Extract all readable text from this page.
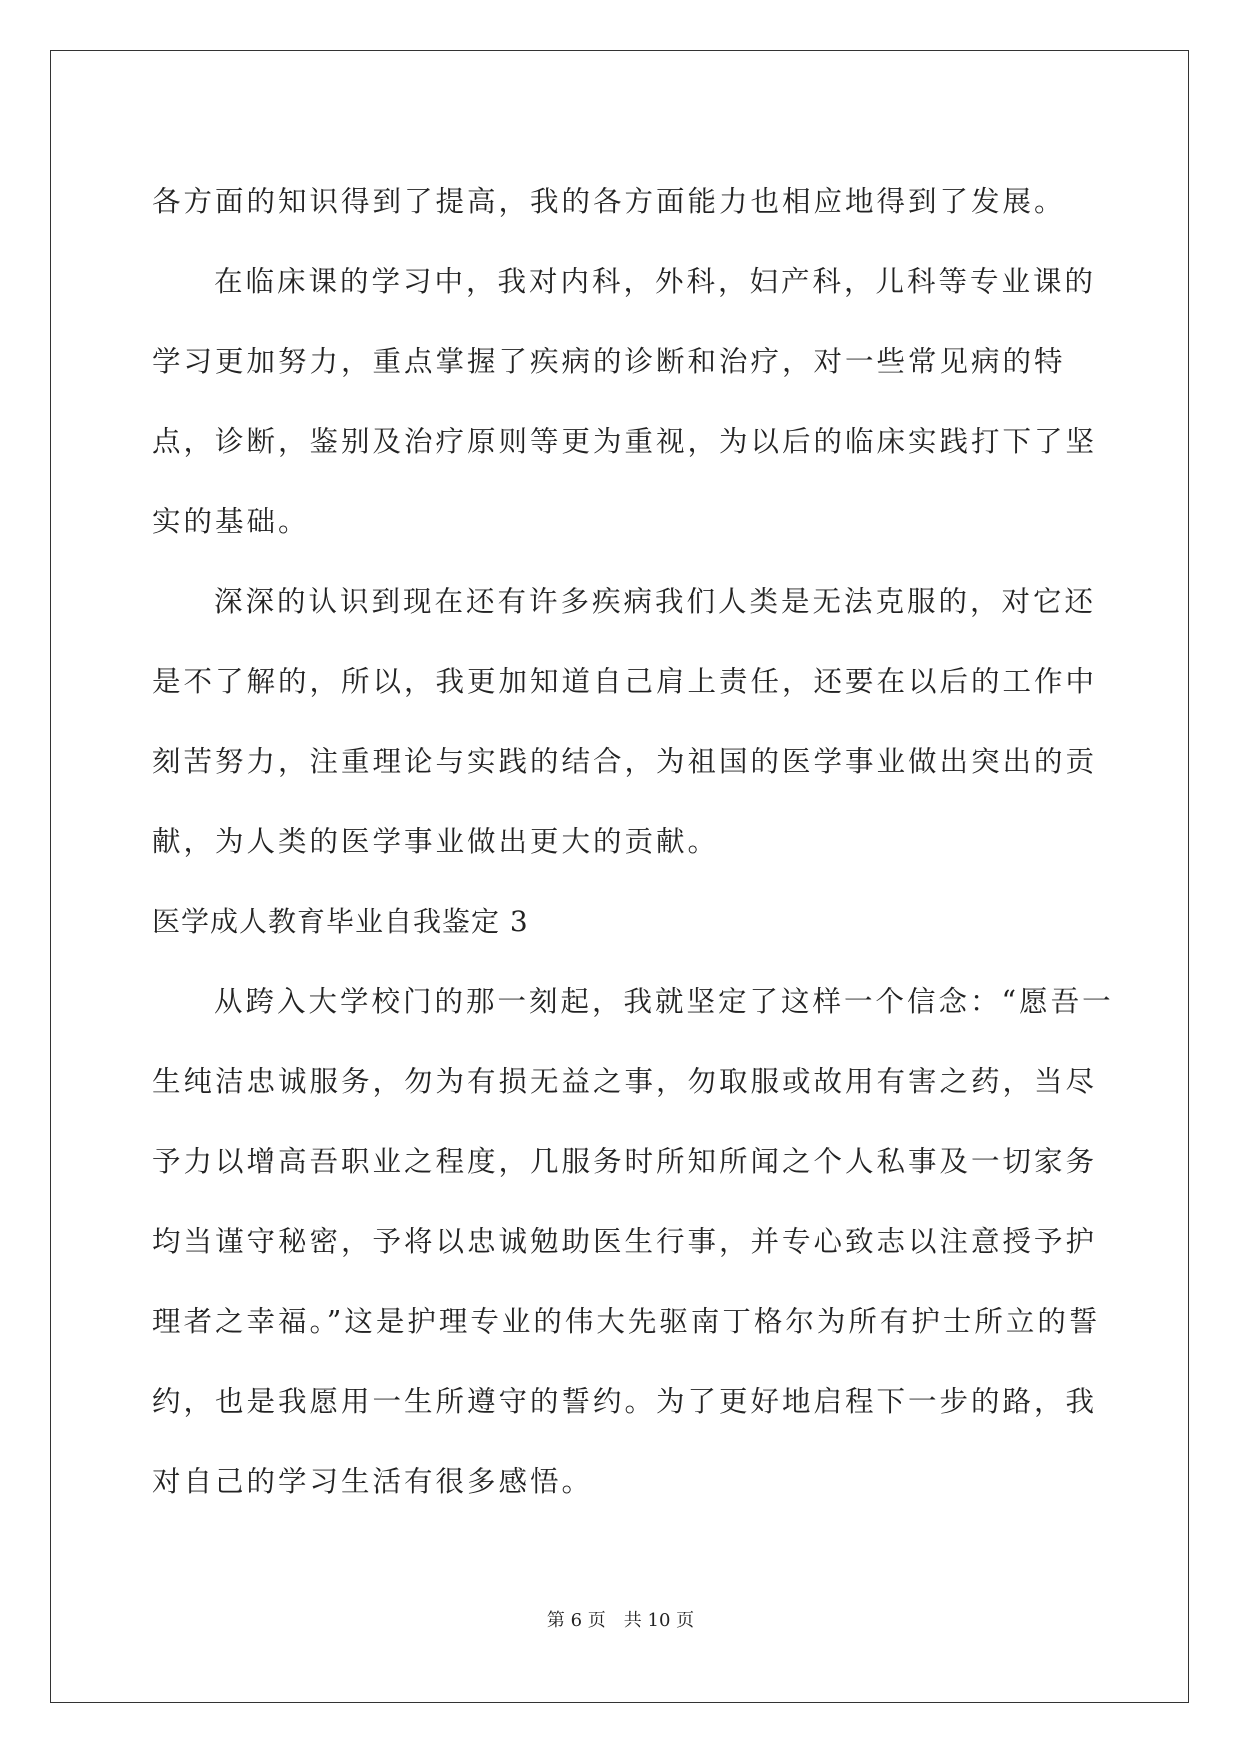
各方面的知识得到了提高，我的各方面能力也相应地得到了发展。

在临床课的学习中，我对内科，外科，妇产科，儿科等专业课的学习更加努力，重点掌握了疾病的诊断和治疗，对一些常见病的特点，诊断，鉴别及治疗原则等更为重视，为以后的临床实践打下了坚实的基础。

深深的认识到现在还有许多疾病我们人类是无法克服的，对它还是不了解的，所以，我更加知道自己肩上责任，还要在以后的工作中刻苦努力，注重理论与实践的结合，为祖国的医学事业做出突出的贡献，为人类的医学事业做出更大的贡献。

医学成人教育毕业自我鉴定 3

从跨入大学校门的那一刻起，我就坚定了这样一个信念：“愿吾一生纯洁忠诚服务，勿为有损无益之事，勿取服或故用有害之药，当尽予力以增高吾职业之程度，几服务时所知所闻之个人私事及一切家务均当谨守秘密，予将以忠诚勉助医生行事，并专心致志以注意授予护理者之幸福。”这是护理专业的伟大先驱南丁格尔为所有护士所立的誓约，也是我愿用一生所遵守的誓约。为了更好地启程下一步的路，我对自己的学习生活有很多感悟。

第 6 页　共 10 页
